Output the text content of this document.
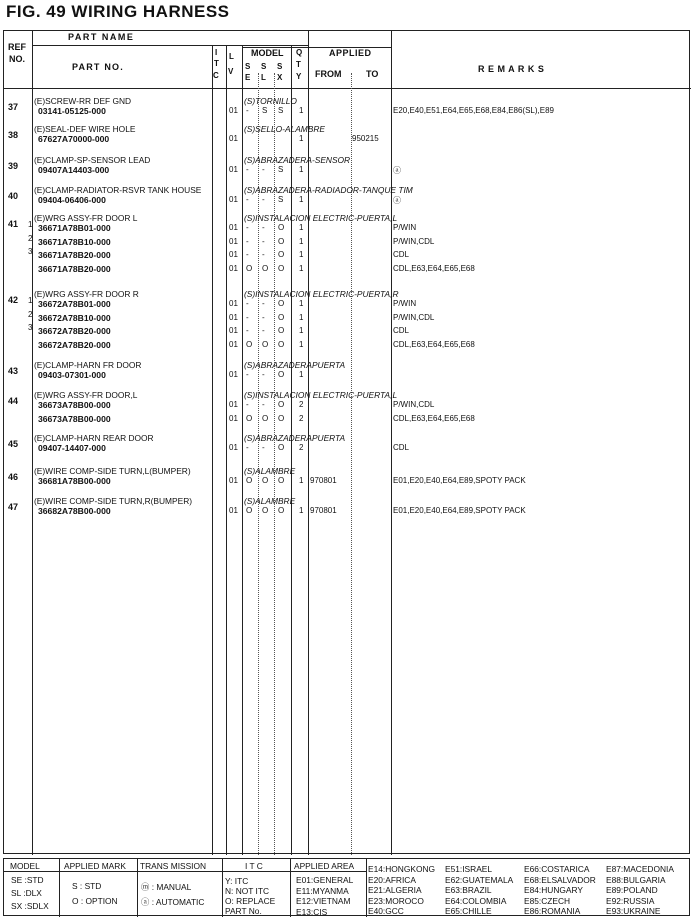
FIG. 49 WIRING HARNESS
REF
NO.
PART NAME
PART NO.
I
T
C
L
V
MODEL
S
E
S
L
S
X
Q
T
Y
APPLIED
FROM	TO	R E M A R K S
37
(E)SCREW-RR DEF GND	(S)TORNILLO
03141-05125-000	01 - S S 1	E20,E40,E51,E64,E65,E68,E84,E86(SL),E89
38
(E)SEAL-DEF WIRE HOLE	(S)SELLO-ALAMBRE
67627A70000-000	01	1	950215
39
(E)CLAMP-SP-SENSOR LEAD	(S)ABRAZADERA-SENSOR
09407A14403-000	01 - - S 1	ⓐ
40
(E)CLAMP-RADIATOR-RSVR TANK HOUSE	(S)ABRAZADERA-RADIADOR-TANQUE TIM
09404-06406-000	01 - - S 1	ⓐ
41
(E)WRG ASSY-FR DOOR L	(S)INSTALACION ELECTRIC-PUERTA,L
1 36671A78B01-000	01 - - O 1	P/WIN
2 36671A78B10-000	01 - - O 1	P/WIN,CDL
3 36671A78B20-000	01 - - O 1	CDL
36671A78B20-000	01 O O O 1	CDL,E63,E64,E65,E68
42
(E)WRG ASSY-FR DOOR R	(S)INSTALACION ELECTRIC-PUERTA,R
1 36672A78B01-000	01 - - O 1	P/WIN
2 36672A78B10-000	01 - - O 1	P/WIN,CDL
3 36672A78B20-000	01 - - O 1	CDL
36672A78B20-000	01 O O O 1	CDL,E63,E64,E65,E68
43
(E)CLAMP-HARN FR DOOR	(S)ABRAZADERAPUERTA
09403-07301-000	01 - - O 1
44
(E)WRG ASSY-FR DOOR,L	(S)INSTALACION ELECTRIC-PUERTA,L
36673A78B00-000	01 - - O 2	P/WIN,CDL
36673A78B00-000	01 O O O 2	CDL,E63,E64,E65,E68
45
(E)CLAMP-HARN REAR DOOR	(S)ABRAZADERAPUERTA
09407-14407-000	01 - - O 2	CDL
46
(E)WIRE COMP-SIDE TURN,L(BUMPER)	(S)ALAMBRE
36681A78B00-000	01 O O O 1 970801	E01,E20,E40,E64,E89,SPOTY PACK
47
(E)WIRE COMP-SIDE TURN,R(BUMPER)	(S)ALAMBRE
36682A78B00-000	01 O O O 1 970801	E01,E20,E40,E64,E89,SPOTY PACK
MODEL	APPLIED MARK TRANS MISSION	I T C	APPLIED AREA
SE :STD
SL :DLX
SX :SDLX
S : STD
O : OPTION
ⓜ : MANUAL
ⓐ : AUTOMATIC
Y: ITC
N: NOT ITC
O: REPLACE
PART No.
E01:GENERAL
E11:MYANMA
E12:VIETNAM
E13:CIS
E14:HONGKONG
E20:AFRICA
E21:ALGERIA
E23:MOROCO
E40:GCC
E51:ISRAEL
E62:GUATEMALA
E63:BRAZIL
E64:COLOMBIA
E65:CHILLE
E66:COSTARICA
E68:ELSALVADOR
E84:HUNGARY
E85:CZECH
E86:ROMANIA
E87:MACEDONIA
E88:BULGARIA
E89:POLAND
E92:RUSSIA
E93:UKRAINE
